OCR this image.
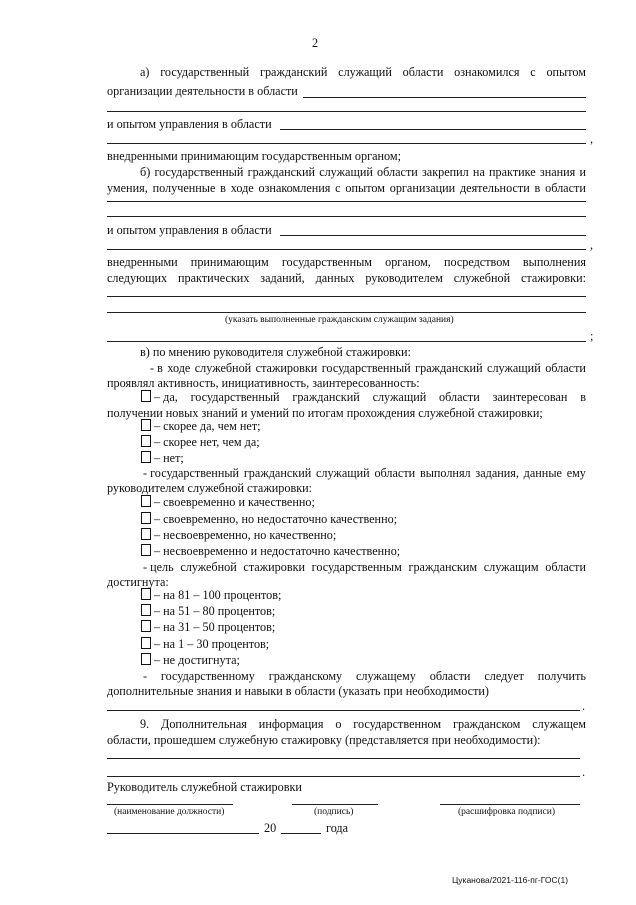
2
а) государственный гражданский служащий области ознакомился с опытом
организации деятельности в области
и опытом управления в области
,
внедренными принимающим государственным органом;
б) государственный гражданский служащий области закрепил на практике знания и
умения, полученные в ходе ознакомления с опытом организации деятельности в области
и опытом управления в области
,
внедренными принимающим государственным органом, посредством выполнения
следующих практических заданий, данных руководителем служебной стажировки:
(указать выполненные гражданским служащим задания)
;
в) по мнению руководителя служебной стажировки:
- в ходе служебной стажировки государственный гражданский служащий области
проявлял активность, инициативность, заинтересованность:
– да, государственный гражданский служащий области заинтересован в
получении новых знаний и умений по итогам прохождения служебной стажировки;
– скорее да, чем нет;
– скорее нет, чем да;
– нет;
- государственный гражданский служащий области выполнял задания, данные ему
руководителем служебной стажировки:
– своевременно и качественно;
– своевременно, но недостаточно качественно;
– несвоевременно, но качественно;
– несвоевременно и недостаточно качественно;
- цель служебной стажировки государственным гражданским служащим области
достигнута:
– на 81 – 100 процентов;
– на 51 – 80 процентов;
– на 31 – 50 процентов;
– на 1 – 30 процентов;
– не достигнута;
- государственному гражданскому служащему области следует получить
дополнительные знания и навыки в области (указать при необходимости)
.
9. Дополнительная информация о государственном гражданском служащем
области, прошедшем служебную стажировку (представляется при необходимости):
.
Руководитель служебной стажировки
(наименование должности)	(подпись)	(расшифровка подписи)
20	года
Цуканова/2021-116-пг-ГОС(1)
